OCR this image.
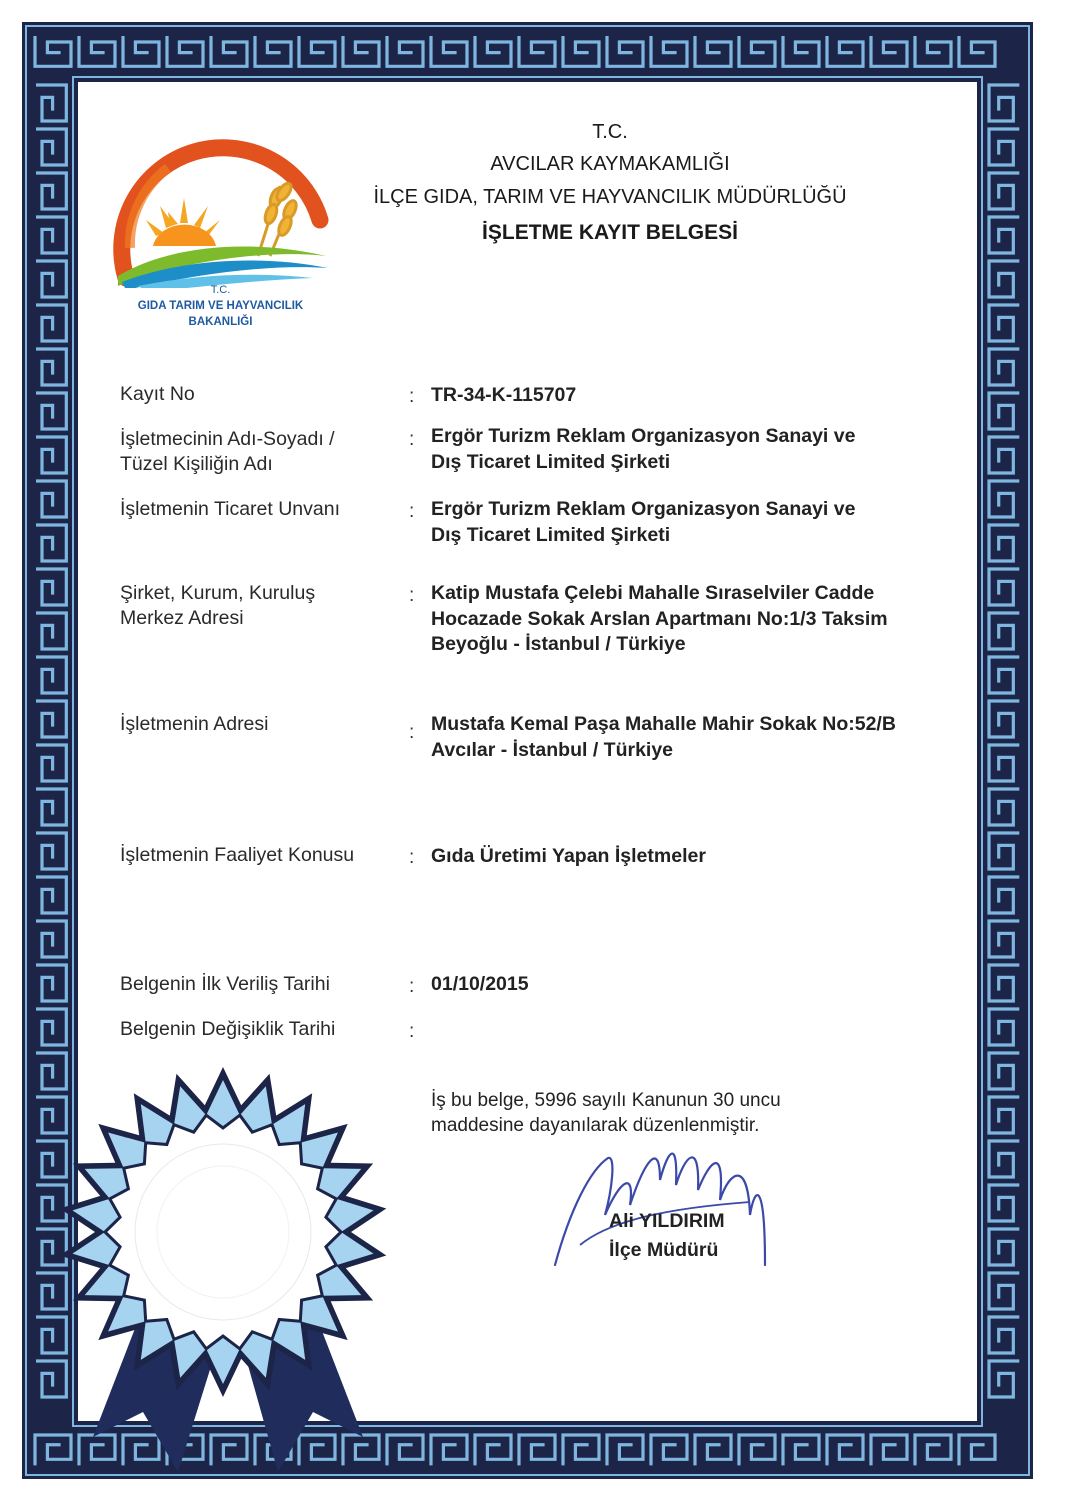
T.C.
GIDA TARIM VE HAYVANCILIK
BAKANLIĞI
T.C.
AVCILAR KAYMAKAMLIĞI
İLÇE GIDA, TARIM VE HAYVANCILIK MÜDÜRLÜĞÜ
İŞLETME KAYIT BELGESİ
Kayıt No	: TR-34-K-115707
İşletmecinin Adı-Soyadı /
Tüzel Kişiliğin Adı
: Ergör Turizm Reklam Organizasyon Sanayi ve
Dış Ticaret Limited Şirketi
İşletmenin Ticaret Unvanı	: Ergör Turizm Reklam Organizasyon Sanayi ve
Dış Ticaret Limited Şirketi
Şirket, Kurum, Kuruluş
Merkez Adresi
: Katip Mustafa Çelebi Mahalle Sıraselviler Cadde
Hocazade Sokak Arslan Apartmanı No:1/3 Taksim
Beyoğlu - İstanbul / Türkiye
İşletmenin Adresi	: Mustafa Kemal Paşa Mahalle Mahir Sokak No:52/B
Avcılar - İstanbul / Türkiye
İşletmenin Faaliyet Konusu	: Gıda Üretimi Yapan İşletmeler
Belgenin İlk Veriliş Tarihi	: 01/10/2015
Belgenin Değişiklik Tarihi	:
İş bu belge, 5996 sayılı Kanunun 30 uncu
maddesine dayanılarak düzenlenmiştir.
Ali YILDIRIM
İlçe Müdürü
